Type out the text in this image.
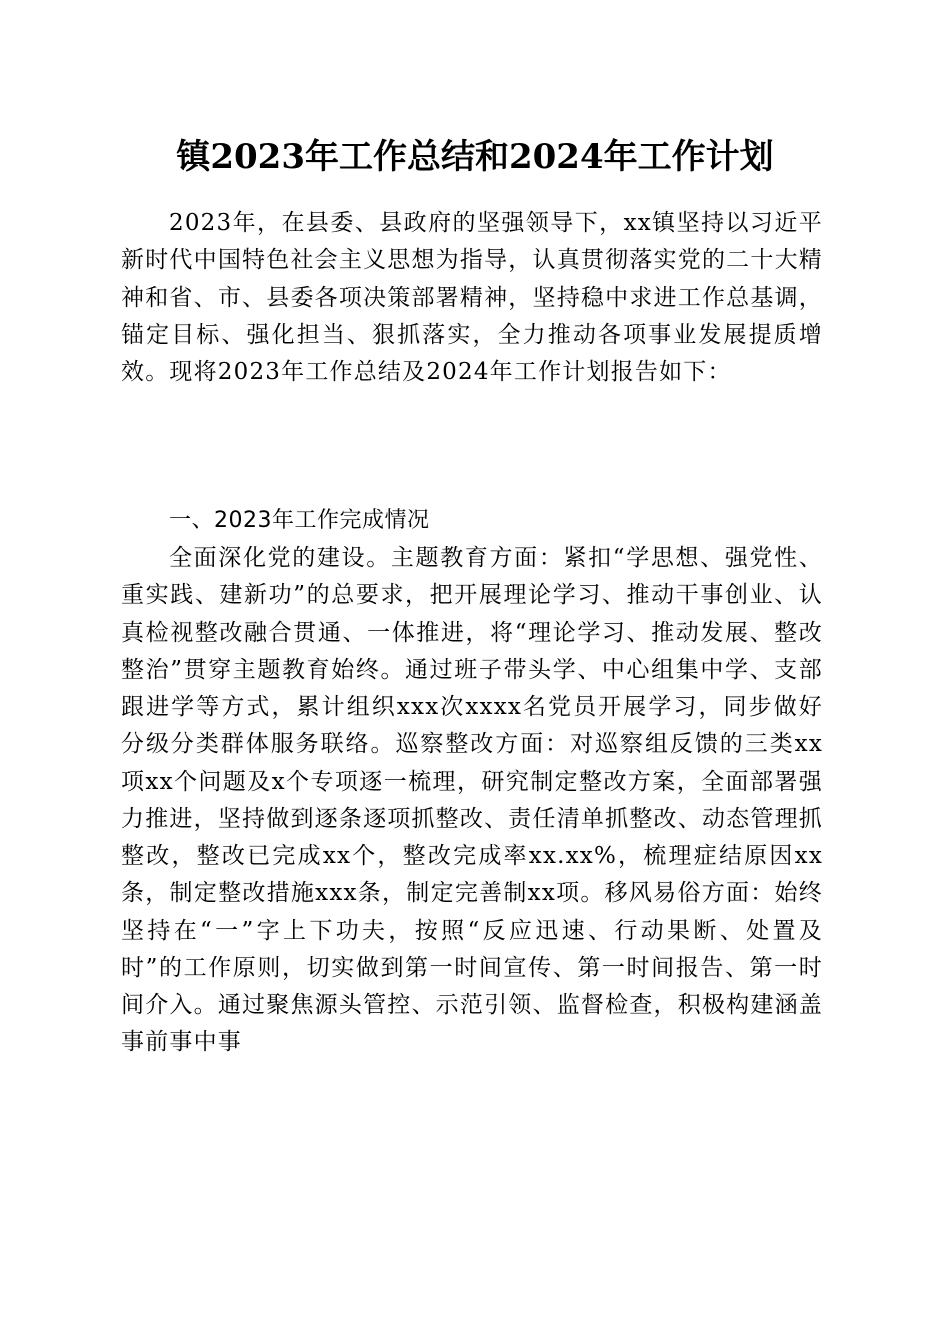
镇2023年工作总结和2024年工作计划
2023年，在县委、县政府的坚强领导下，xx镇坚持以习近平新时代中国特色社会主义思想为指导，认真贯彻落实党的二十大精神和省、市、县委各项决策部署精神，坚持稳中求进工作总基调，锚定目标、强化担当、狠抓落实，全力推动各项事业发展提质增效。现将2023年工作总结及2024年工作计划报告如下：
一、2023年工作完成情况
全面深化党的建设。主题教育方面：紧扣“学思想、强党性、重实践、建新功”的总要求，把开展理论学习、推动干事创业、认真检视整改融合贯通、一体推进，将“理论学习、推动发展、整改整治”贯穿主题教育始终。通过班子带头学、中心组集中学、支部跟进学等方式，累计组织xxx次xxxx名党员开展学习，同步做好分级分类群体服务联络。巡察整改方面：对巡察组反馈的三类xx项xx个问题及x个专项逐一梳理，研究制定整改方案，全面部署强力推进，坚持做到逐条逐项抓整改、责任清单抓整改、动态管理抓整改，整改已完成xx个，整改完成率xx.xx%，梳理症结原因xx条，制定整改措施xxx条，制定完善制xx项。移风易俗方面：始终坚持在“一”字上下功夫，按照“反应迅速、行动果断、处置及时”的工作原则，切实做到第一时间宣传、第一时间报告、第一时间介入。通过聚焦源头管控、示范引领、监督检查，积极构建涵盖事前事中事
